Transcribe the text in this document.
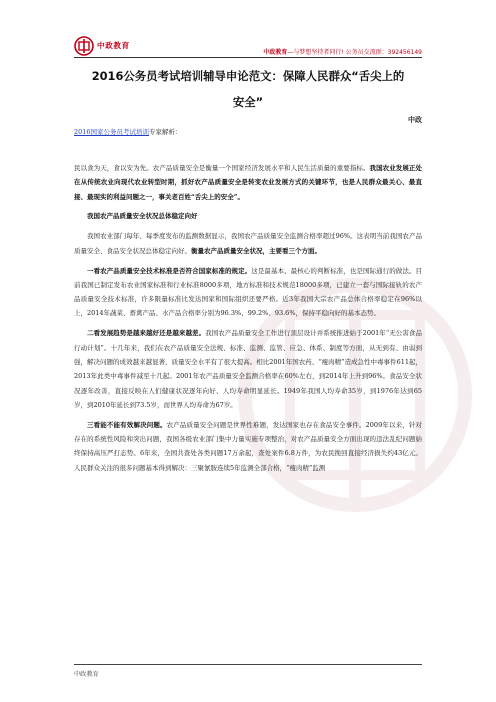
中政教育
中政教育—与梦想坚持者同行! 公务员交流群：392456149
2016公务员考试培训辅导申论范文：保障人民群众“舌尖上的
安全”
中政
2016国家公务员考试培训专家解析：

民以食为天，食以安为先。农产品质量安全是衡量一个国家经济发展水平和人民生活质量的重要指标。我国农业发展正处在从传统农业向现代农业转型时期，抓好农产品质量安全是转变农业发展方式的关键环节，也是人民群众最关心、最直接、最现实的利益问题之一，事关老百姓“舌尖上的安全”。

我国农产品质量安全状况总体稳定向好

我国农业部门每年、每季度发布的监测数据显示，我国农产品质量安全监测合格率超过96%。这表明当前我国农产品质量安全、食品安全状况总体稳定向好。衡量农产品质量安全状况，主要看三个方面。

一看农产品质量安全技术标准是否符合国家标准的规定。这是最基本、最核心的判断标准，也是国际通行的做法。目前我国已制定发布农业国家标准和行业标准8000多项，地方标准和技术规范18000多项，已建立一套与国际接轨的农产品质量安全技术标准，许多限量标准比发达国家和国际组织还要严格。近3年我国大宗农产品总体合格率稳定在96%以上，2014年蔬菜、畜禽产品、水产品合格率分别为96.3%、99.2%、93.6%，保持平稳向好的基本态势。

二看发展趋势是越来越好还是越来越差。我国农产品质量安全工作进行顶层设计并系统推进始于2001年“无公害食品行动计划”。十几年来，我们在农产品质量安全法规、标准、监测、监管、应急、体系、制度等方面，从无到有、由弱到强，解决问题的成效越来越显著，质量安全水平有了很大提高。相比2001年国农药、“瘦肉精”造成急性中毒事件611起，2013年此类中毒事件减至十几起。2001年农产品质量安全监测合格率在60%左右，到2014年上升到96%。食品安全状况逐年改善，直接反映在人们健康状况逐年向好、人均寿命明显延长。1949年我国人均寿命35岁，到1976年达到65岁，到2010年延长到73.5岁，而世界人均寿命为67岁。

三看能不能有效解决问题。农产品质量安全问题是世界性难题，发达国家也存在食品安全事件。2009年以来，针对存在的系统性风险和突出问题，我国各级农业部门集中力量实施专项整治，对农产品质量安全方面出现的违法乱纪问题始终保持高压严打态势。6年来，全国共查处各类问题17万余起，查处案件6.8万件，为农民挽回直接经济损失约43亿元。人民群众关注的很多问题基本得到解决：三聚氰胺连续5年监测全部合格，“瘦肉精”监测

中政教育
